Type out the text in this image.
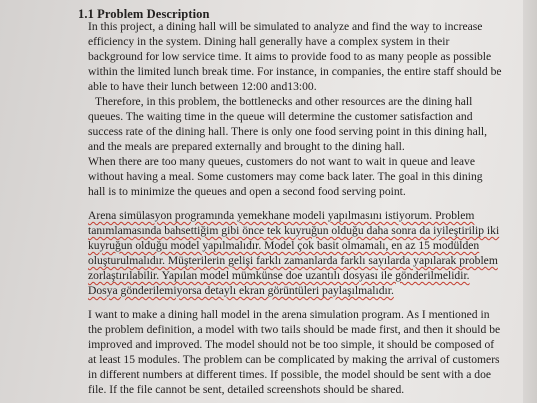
1.1 Problem Description
In this project, a dining hall will be simulated to analyze and find the way to increase
efficiency in the system. Dining hall generally have a complex system in their
background for low service time. It aims to provide food to as many people as possible
within the limited lunch break time. For instance, in companies, the entire staff should be
able to have their lunch between 12:00 and13:00.
Therefore, in this problem, the bottlenecks and other resources are the dining hall
queues. The waiting time in the queue will determine the customer satisfaction and
success rate of the dining hall. There is only one food serving point in this dining hall,
and the meals are prepared externally and brought to the dining hall.
When there are too many queues, customers do not want to wait in queue and leave
without having a meal. Some customers may come back later. The goal in this dining
hall is to minimize the queues and open a second food serving point.
Arena simülasyon programında yemekhane modeli yapılmasını istiyorum. Problem
tanımlamasında bahsettiğim gibi önce tek kuyruğun olduğu daha sonra da iyileştirilip iki
kuyruğun olduğu model yapılmalıdır. Model çok basit olmamalı, en az 15 modülden
oluşturulmalıdır. Müşterilerin gelişi farklı zamanlarda farklı sayılarda yapılarak problem
zorlaştırılabilir. Yapılan model mümkünse doe uzantılı dosyası ile gönderilmelidir.
Dosya gönderilemiyorsa detaylı ekran görüntüleri paylaşılmalıdır.
I want to make a dining hall model in the arena simulation program. As I mentioned in
the problem definition, a model with two tails should be made first, and then it should be
improved and improved. The model should not be too simple, it should be composed of
at least 15 modules. The problem can be complicated by making the arrival of customers
in different numbers at different times. If possible, the model should be sent with a doe
file. If the file cannot be sent, detailed screenshots should be shared.
